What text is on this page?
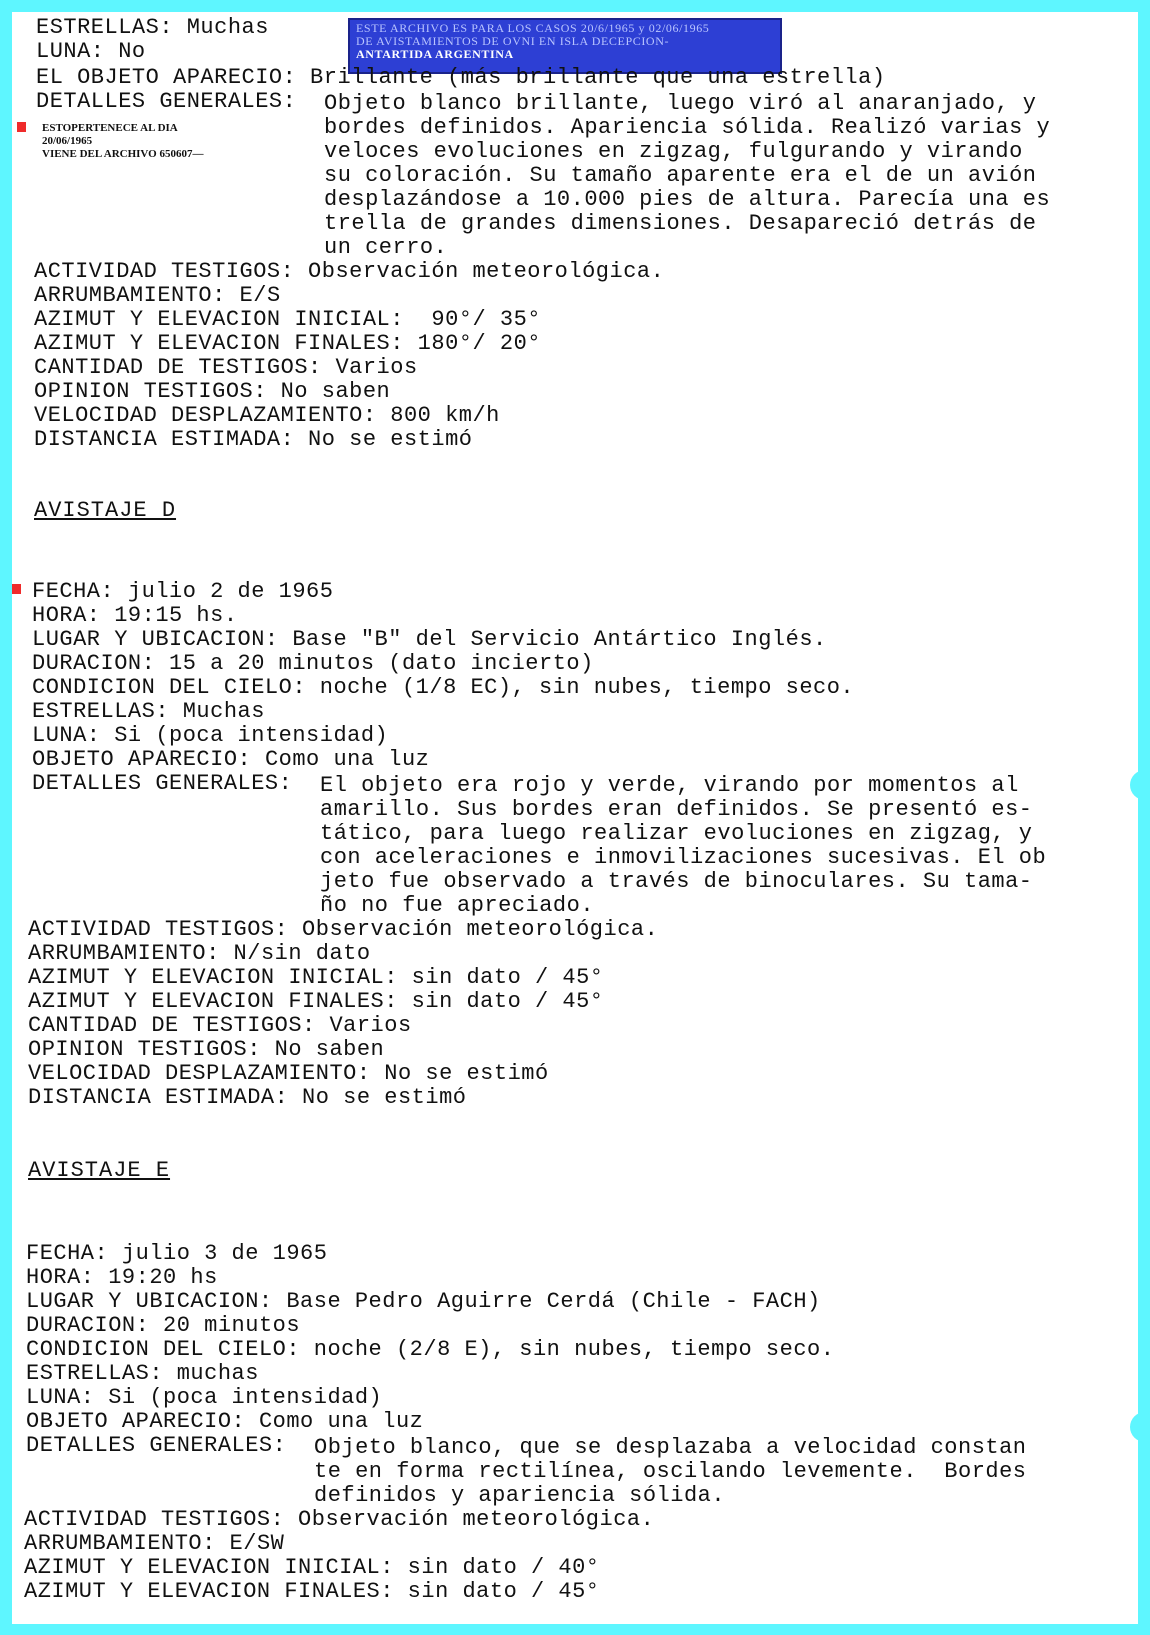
ESTE ARCHIVO ES PARA LOS CASOS 20/6/1965 y 02/06/1965
DE AVISTAMIENTOS DE OVNI EN ISLA DECEPCION-
ANTARTIDA ARGENTINA
ESTRELLAS: Muchas
LUNA: No
EL OBJETO APARECIO: Brillante (más brillante que una estrella)
DETALLES GENERALES: Objeto blanco brillante, luego viró al anaranjado, y
bordes definidos. Apariencia sólida. Realizó varias y
veloces evoluciones en zigzag, fulgurando y virando
su coloración. Su tamaño aparente era el de un avión
desplazándose a 10.000 pies de altura. Parecía una es
trella de grandes dimensiones. Desapareció detrás de
un cerro.
ESTOPERTENECE AL DIA
20/06/1965
VIENE DEL ARCHIVO 650607—
ACTIVIDAD TESTIGOS: Observación meteorológica.
ARRUMBAMIENTO: E/S
AZIMUT Y ELEVACION INICIAL:  90°/ 35°
AZIMUT Y ELEVACION FINALES: 180°/ 20°
CANTIDAD DE TESTIGOS: Varios
OPINION TESTIGOS: No saben
VELOCIDAD DESPLAZAMIENTO: 800 km/h
DISTANCIA ESTIMADA: No se estimó
AVISTAJE D
FECHA: julio 2 de 1965
HORA: 19:15 hs.
LUGAR Y UBICACION: Base "B" del Servicio Antártico Inglés.
DURACION: 15 a 20 minutos (dato incierto)
CONDICION DEL CIELO: noche (1/8 EC), sin nubes, tiempo seco.
ESTRELLAS: Muchas
LUNA: Si (poca intensidad)
OBJETO APARECIO: Como una luz
DETALLES GENERALES: El objeto era rojo y verde, virando por momentos al
amarillo. Sus bordes eran definidos. Se presentó es-
tático, para luego realizar evoluciones en zigzag, y
con aceleraciones e inmovilizaciones sucesivas. El ob
jeto fue observado a través de binoculares. Su tama-
ño no fue apreciado.
ACTIVIDAD TESTIGOS: Observación meteorológica.
ARRUMBAMIENTO: N/sin dato
AZIMUT Y ELEVACION INICIAL: sin dato / 45°
AZIMUT Y ELEVACION FINALES: sin dato / 45°
CANTIDAD DE TESTIGOS: Varios
OPINION TESTIGOS: No saben
VELOCIDAD DESPLAZAMIENTO: No se estimó
DISTANCIA ESTIMADA: No se estimó
AVISTAJE E
FECHA: julio 3 de 1965
HORA: 19:20 hs
LUGAR Y UBICACION: Base Pedro Aguirre Cerdá (Chile - FACH)
DURACION: 20 minutos
CONDICION DEL CIELO: noche (2/8 E), sin nubes, tiempo seco.
ESTRELLAS: muchas
LUNA: Si (poca intensidad)
OBJETO APARECIO: Como una luz
DETALLES GENERALES: Objeto blanco, que se desplazaba a velocidad constan
te en forma rectilínea, oscilando levemente.  Bordes
definidos y apariencia sólida.
ACTIVIDAD TESTIGOS: Observación meteorológica.
ARRUMBAMIENTO: E/SW
AZIMUT Y ELEVACION INICIAL: sin dato / 40°
AZIMUT Y ELEVACION FINALES: sin dato / 45°
